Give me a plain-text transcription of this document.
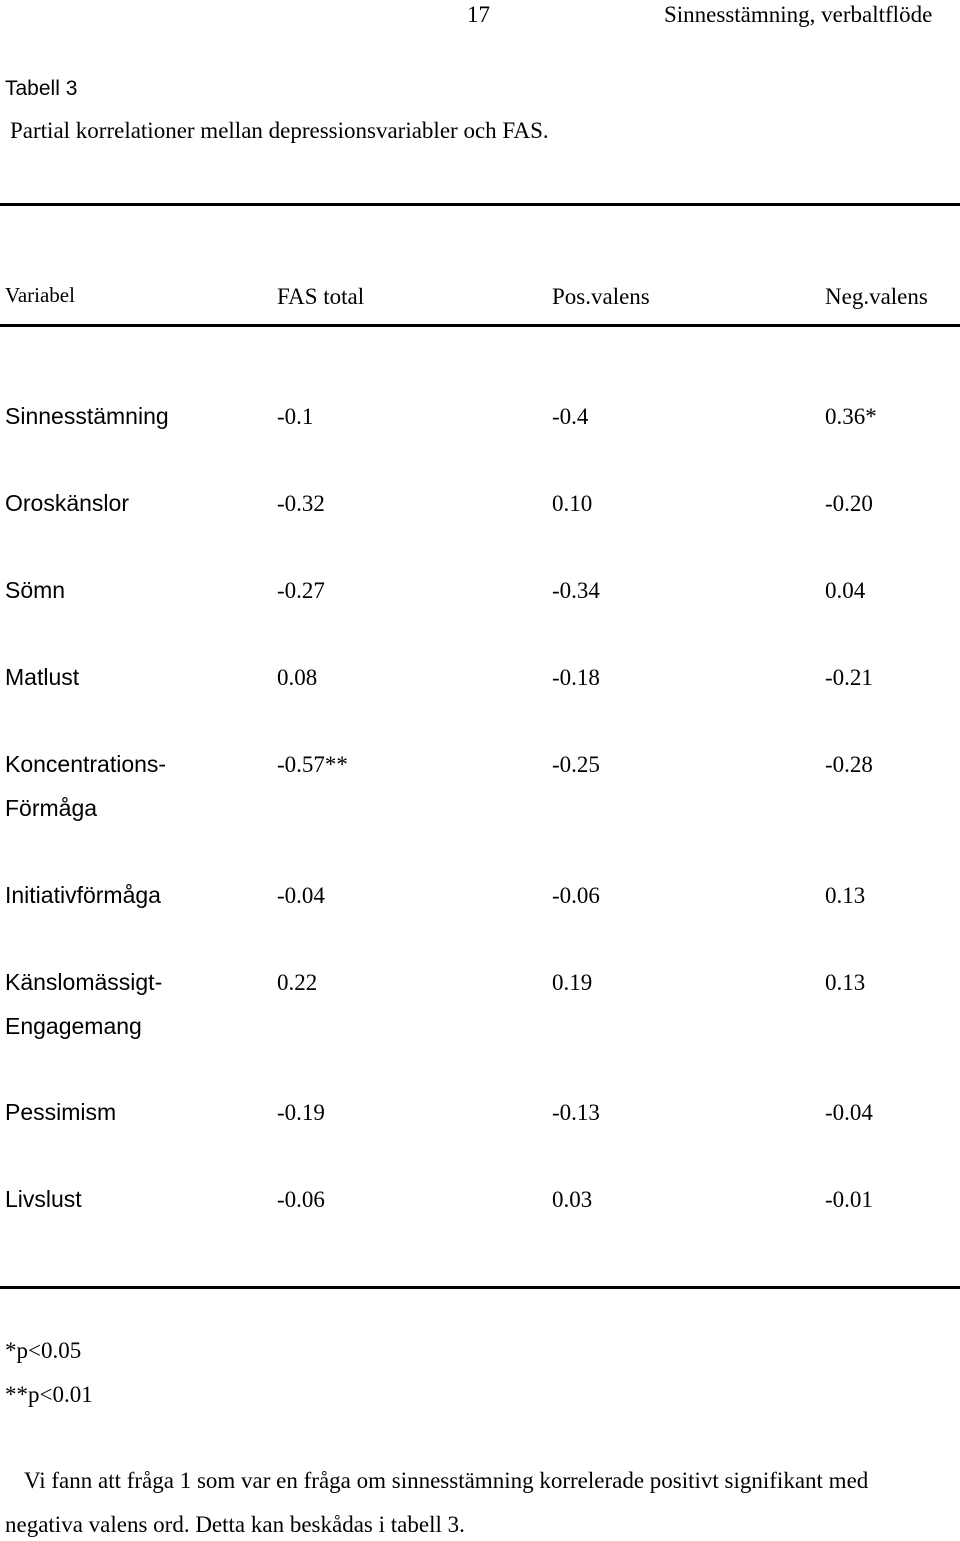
17	Sinnesstämning, verbaltflöde
Tabell 3
Partial korrelationer mellan depressionsvariabler och FAS.
Variabel	FAS total	Pos.valens	Neg.valens
Sinnesstämning	-0.1	-0.4	0.36*
Oroskänslor	-0.32	0.10	-0.20
Sömn	-0.27	-0.34	0.04
Matlust	0.08	-0.18	-0.21
Koncentrations-
Förmåga
-0.57**	-0.25	-0.28
Initiativförmåga	-0.04	-0.06	0.13
Känslomässigt-
Engagemang
0.22	0.19	0.13
Pessimism	-0.19	-0.13	-0.04
Livslust	-0.06	0.03	-0.01
*p<0.05
**p<0.01
Vi fann att fråga 1 som var en fråga om sinnesstämning korrelerade positivt signifikant med
negativa valens ord. Detta kan beskådas i tabell 3.
